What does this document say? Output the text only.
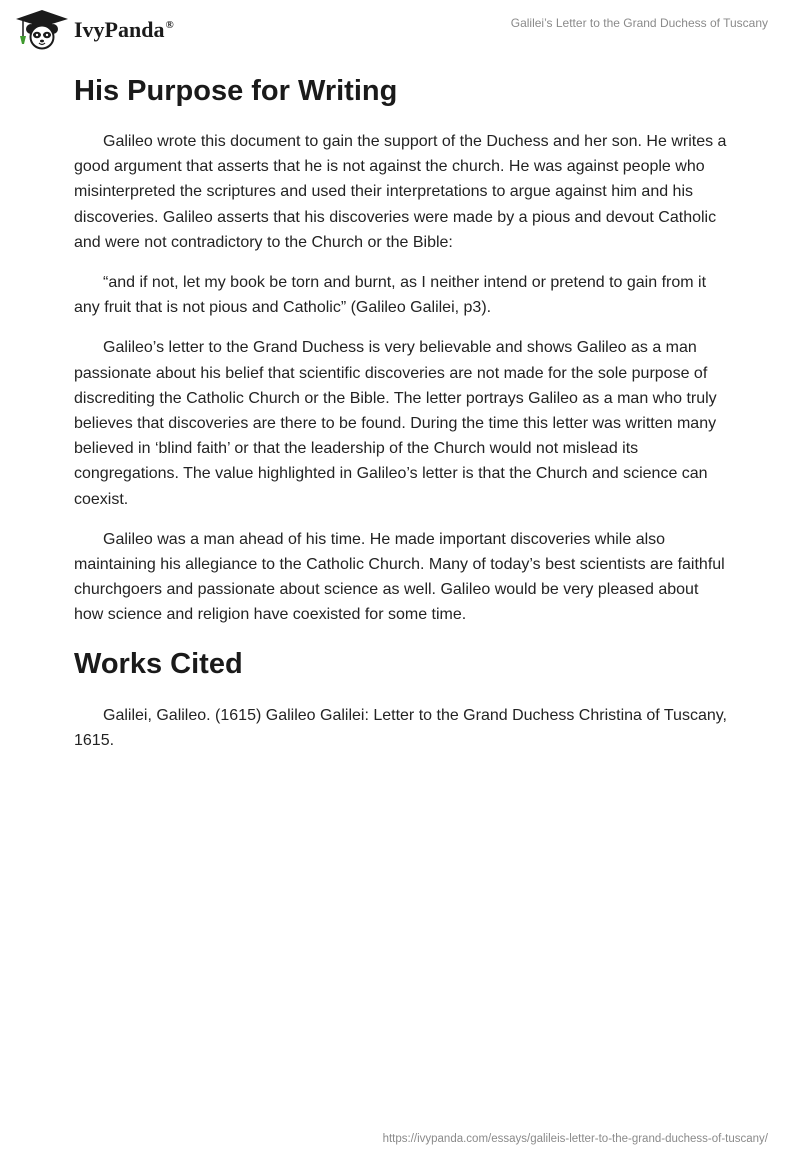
IvyPanda®	Galilei’s Letter to the Grand Duchess of Tuscany
His Purpose for Writing

Galileo wrote this document to gain the support of the Duchess and her son. He writes a good argument that asserts that he is not against the church. He was against people who misinterpreted the scriptures and used their interpretations to argue against him and his discoveries. Galileo asserts that his discoveries were made by a pious and devout Catholic and were not contradictory to the Church or the Bible:

“and if not, let my book be torn and burnt, as I neither intend or pretend to gain from it any fruit that is not pious and Catholic” (Galileo Galilei, p3).

Galileo’s letter to the Grand Duchess is very believable and shows Galileo as a man passionate about his belief that scientific discoveries are not made for the sole purpose of discrediting the Catholic Church or the Bible. The letter portrays Galileo as a man who truly believes that discoveries are there to be found. During the time this letter was written many believed in ‘blind faith’ or that the leadership of the Church would not mislead its congregations. The value highlighted in Galileo’s letter is that the Church and science can coexist.

Galileo was a man ahead of his time. He made important discoveries while also maintaining his allegiance to the Catholic Church. Many of today’s best scientists are faithful churchgoers and passionate about science as well. Galileo would be very pleased about how science and religion have coexisted for some time.

Works Cited

Galilei, Galileo. (1615) Galileo Galilei: Letter to the Grand Duchess Christina of Tuscany, 1615.

https://ivypanda.com/essays/galileis-letter-to-the-grand-duchess-of-tuscany/
